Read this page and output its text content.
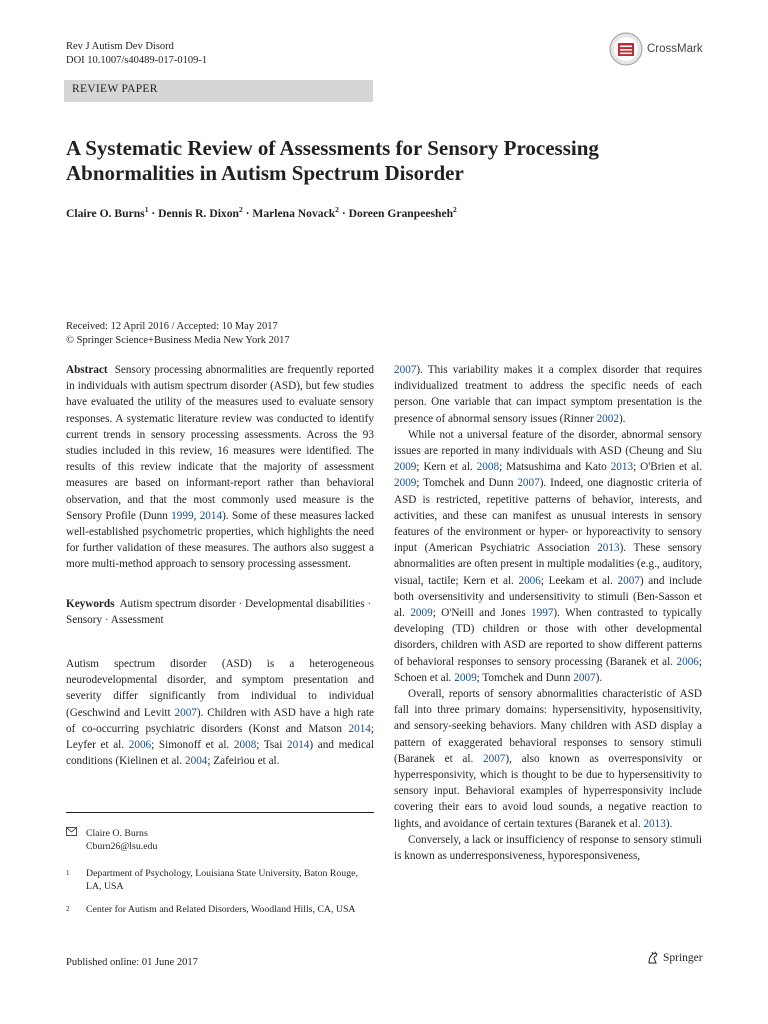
Rev J Autism Dev Disord
DOI 10.1007/s40489-017-0109-1
CrossMark
REVIEW PAPER
A Systematic Review of Assessments for Sensory Processing Abnormalities in Autism Spectrum Disorder
Claire O. Burns$^1$ · Dennis R. Dixon$^2$ · Marlena Novack$^2$ · Doreen Granpeesheh$^2$
Received: 12 April 2016 / Accepted: 10 May 2017
© Springer Science+Business Media New York 2017

Abstract Sensory processing abnormalities are frequently reported in individuals with autism spectrum disorder (ASD), but few studies have evaluated the utility of the measures used to evaluate sensory responses. A systematic literature review was conducted to identify current trends in sensory processing assessments. Across the 93 studies included in this review, 16 measures were identified. The results of this review indicate that the majority of assessment measures are based on informant-report rather than behavioral observation, and that the most commonly used measure is the Sensory Profile (Dunn 1999, 2014). Some of these measures lacked well-established psychometric properties, which highlights the need for further validation of these measures. The authors also suggest a more multi-method approach to sensory processing assessment.

Keywords Autism spectrum disorder · Developmental disabilities · Sensory · Assessment

Autism spectrum disorder (ASD) is a heterogeneous neurodevelopmental disorder, and symptom presentation and severity differ significantly from individual to individual (Geschwind and Levitt 2007). Children with ASD have a high rate of co-occurring psychiatric disorders (Konst and Matson 2014; Leyfer et al. 2006; Simonoff et al. 2008; Tsai 2014) and medical conditions (Kielinen et al. 2004; Zafeiriou et al.

Claire O. Burns
Cburn26@lsu.edu
1	Department of Psychology, Louisiana State University, Baton Rouge, LA, USA
2	Center for Autism and Related Disorders, Woodland Hills, CA, USA

2007). This variability makes it a complex disorder that requires individualized treatment to address the specific needs of each person. One variable that can impact symptom presentation is the presence of abnormal sensory issues (Rinner 2002).

While not a universal feature of the disorder, abnormal sensory issues are reported in many individuals with ASD (Cheung and Siu 2009; Kern et al. 2008; Matsushima and Kato 2013; O'Brien et al. 2009; Tomchek and Dunn 2007). Indeed, one diagnostic criteria of ASD is restricted, repetitive patterns of behavior, interests, and activities, and these can manifest as unusual interests in sensory features of the environment or hyper- or hyporeactivity to sensory input (American Psychiatric Association 2013). These sensory abnormalities are often present in multiple modalities (e.g., auditory, visual, tactile; Kern et al. 2006; Leekam et al. 2007) and include both oversensitivity and undersensitivity to stimuli (Ben-Sasson et al. 2009; O'Neill and Jones 1997). When contrasted to typically developing (TD) children or those with other developmental disorders, children with ASD are reported to show different patterns of behavioral responses to sensory processing (Baranek et al. 2006; Schoen et al. 2009; Tomchek and Dunn 2007).

Overall, reports of sensory abnormalities characteristic of ASD fall into three primary domains: hypersensitivity, hyposensitivity, and sensory-seeking behaviors. Many children with ASD display a pattern of exaggerated behavioral responses to sensory stimuli (Baranek et al. 2007), also known as overresponsivity or hyperresponsivity, which is thought to be due to hypersensitivity to sensory input. Behavioral examples of hyperresponsivity include covering their ears to avoid loud sounds, a negative reaction to lights, and avoidance of certain textures (Baranek et al. 2013).

Conversely, a lack or insufficiency of response to sensory stimuli is known as underresponsiveness, hyporesponsiveness,

Published online: 01 June 2017	Springer
